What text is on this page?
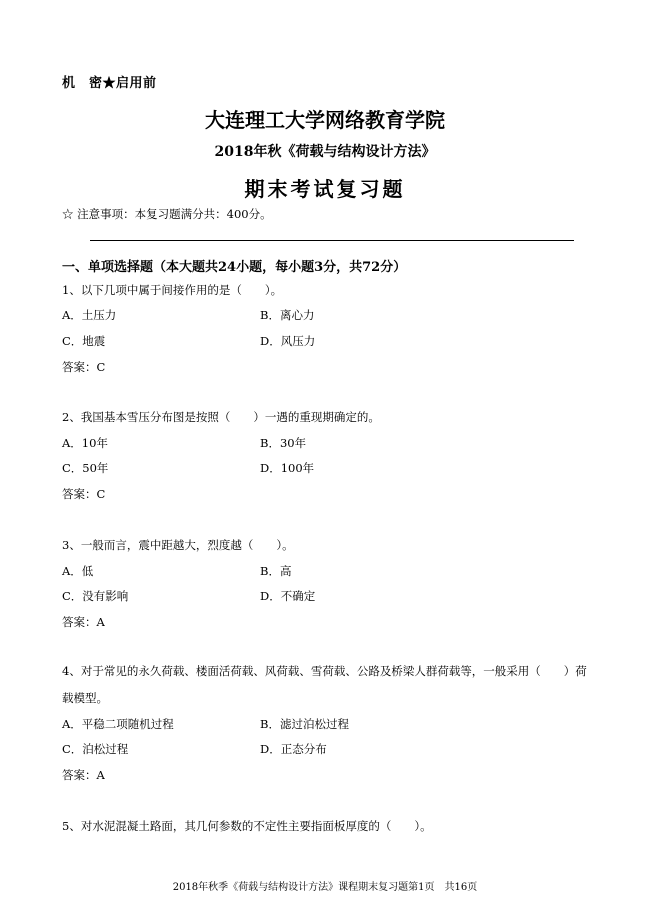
机　密★启用前
大连理工大学网络教育学院
2018年秋《荷载与结构设计方法》
期末考试复习题
☆ 注意事项：本复习题满分共：400分。
一、单项选择题（本大题共24小题，每小题3分，共72分）
1、以下几项中属于间接作用的是（　　）。
A．土压力	B．离心力
C．地震	D．风压力
答案：C
2、我国基本雪压分布图是按照（　　）一遇的重现期确定的。
A．10年	B．30年
C．50年	D．100年
答案：C
3、一般而言，震中距越大，烈度越（　　）。
A．低	B．高
C．没有影响	D．不确定
答案：A
4、对于常见的永久荷载、楼面活荷载、风荷载、雪荷载、公路及桥梁人群荷载等，一般采用（　　）荷载模型。
A．平稳二项随机过程	B．滤过泊松过程
C．泊松过程	D．正态分布
答案：A
5、对水泥混凝土路面，其几何参数的不定性主要指面板厚度的（　　）。
2018年秋季《荷载与结构设计方法》课程期末复习题第1页　共16页
